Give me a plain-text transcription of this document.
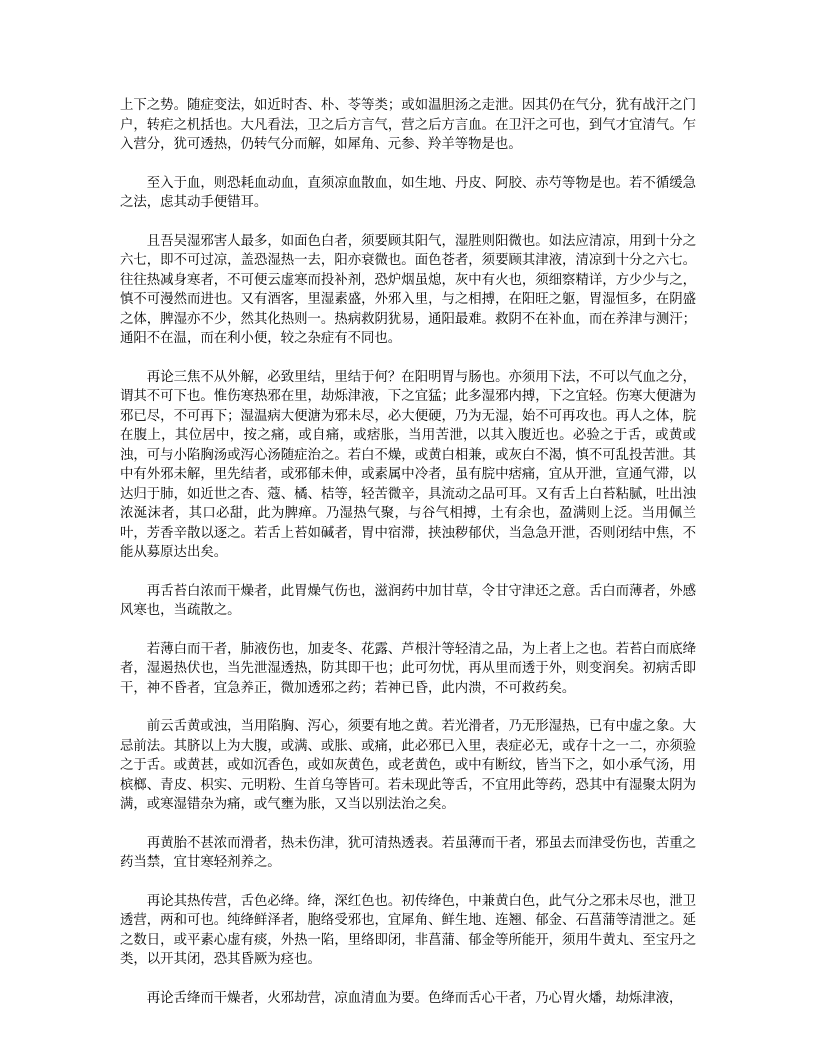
上下之势。随症变法，如近时杏、朴、苓等类；或如温胆汤之走泄。因其仍在气分，犹有战汗之门户，转疟之机括也。大凡看法，卫之后方言气，营之后方言血。在卫汗之可也，到气才宜清气。乍入营分，犹可透热，仍转气分而解，如犀角、元参、羚羊等物是也。

至入于血，则恐耗血动血，直须凉血散血，如生地、丹皮、阿胶、赤芍等物是也。若不循缓急之法，虑其动手便错耳。

且吾吴湿邪害人最多，如面色白者，须要顾其阳气，湿胜则阳微也。如法应清凉，用到十分之六七，即不可过凉，盖恐湿热一去，阳亦衰微也。面色苍者，须要顾其津液，清凉到十分之六七。往往热减身寒者，不可便云虚寒而投补剂，恐炉烟虽熄，灰中有火也，须细察精详，方少少与之，慎不可漫然而进也。又有酒客，里湿素盛，外邪入里，与之相搏，在阳旺之躯，胃湿恒多，在阴盛之体，脾湿亦不少，然其化热则一。热病救阴犹易，通阳最难。救阴不在补血，而在养津与测汗；通阳不在温，而在利小便，较之杂症有不同也。

再论三焦不从外解，必致里结，里结于何？在阳明胃与肠也。亦须用下法，不可以气血之分，谓其不可下也。惟伤寒热邪在里，劫烁津液，下之宜猛；此多湿邪内搏，下之宜轻。伤寒大便溏为邪已尽，不可再下；湿温病大便溏为邪未尽，必大便硬，乃为无湿，始不可再攻也。再人之体，脘在腹上，其位居中，按之痛，或自痛，或痞胀，当用苦泄，以其入腹近也。必验之于舌，或黄或浊，可与小陷胸汤或泻心汤随症治之。若白不燥，或黄白相兼，或灰白不渴，慎不可乱投苦泄。其中有外邪未解，里先结者，或邪郁未伸，或素属中冷者，虽有脘中痞痛，宜从开泄，宣通气滞，以达归于肺，如近世之杏、蔻、橘、桔等，轻苦微辛，具流动之品可耳。又有舌上白苔粘腻，吐出浊浓涎沫者，其口必甜，此为脾瘅。乃湿热气聚，与谷气相搏，土有余也，盈满则上泛。当用佩兰叶，芳香辛散以逐之。若舌上苔如碱者，胃中宿滞，挟浊秽郁伏，当急急开泄，否则闭结中焦，不能从募原达出矣。

再舌苔白浓而干燥者，此胃燥气伤也，滋润药中加甘草，令甘守津还之意。舌白而薄者，外感风寒也，当疏散之。

若薄白而干者，肺液伤也，加麦冬、花露、芦根汁等轻清之品，为上者上之也。若苔白而底绛者，湿遏热伏也，当先泄湿透热，防其即干也；此可勿忧，再从里而透于外，则变润矣。初病舌即干，神不昏者，宜急养正，微加透邪之药；若神已昏，此内溃，不可救药矣。

前云舌黄或浊，当用陷胸、泻心，须要有地之黄。若光滑者，乃无形湿热，已有中虚之象。大忌前法。其脐以上为大腹，或满、或胀、或痛，此必邪已入里，表症必无，或存十之一二，亦须验之于舌。或黄甚，或如沉香色，或如灰黄色，或老黄色，或中有断纹，皆当下之，如小承气汤，用槟榔、青皮、枳实、元明粉、生首乌等皆可。若未现此等舌，不宜用此等药，恐其中有湿聚太阴为满，或寒湿错杂为痛，或气壅为胀，又当以别法治之矣。

再黄胎不甚浓而滑者，热未伤津，犹可清热透表。若虽薄而干者，邪虽去而津受伤也，苦重之药当禁，宜甘寒轻剂养之。

再论其热传营，舌色必绛。绛，深红色也。初传绛色，中兼黄白色，此气分之邪未尽也，泄卫透营，两和可也。纯绛鲜泽者，胞络受邪也，宜犀角、鲜生地、连翘、郁金、石菖蒲等清泄之。延之数日，或平素心虚有痰，外热一陷，里络即闭，非菖蒲、郁金等所能开，须用牛黄丸、至宝丹之类，以开其闭，恐其昏厥为痉也。

再论舌绛而干燥者，火邪劫营，凉血清血为要。色绛而舌心干者，乃心胃火燔，劫烁津液，
